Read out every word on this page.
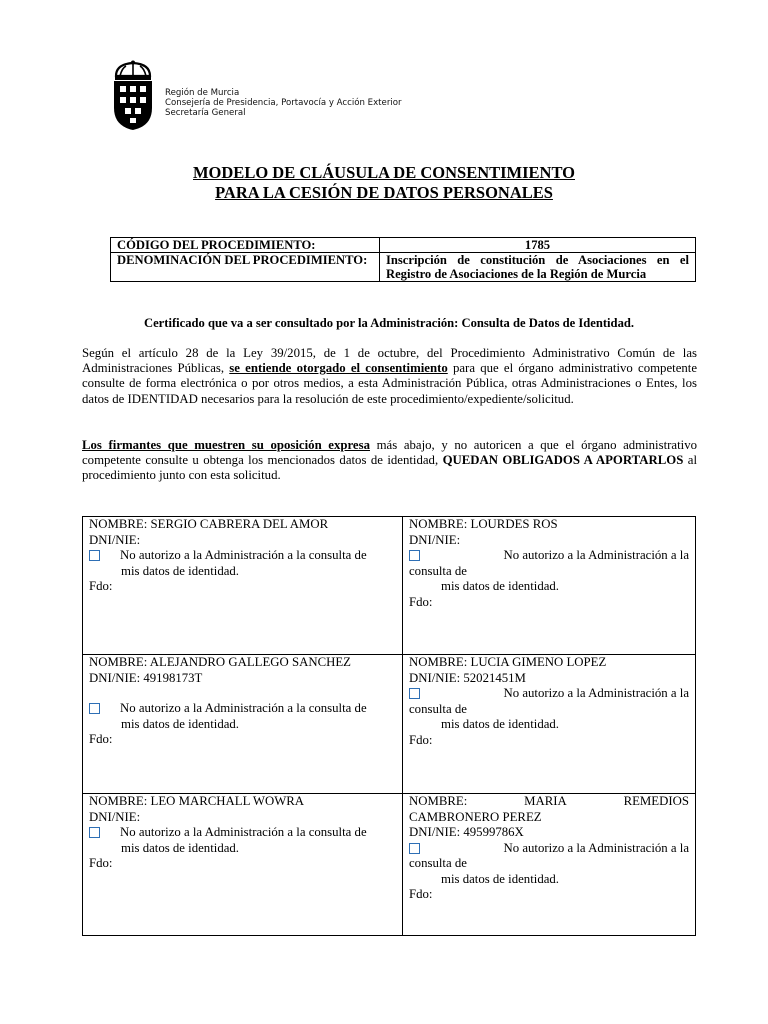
Región de Murcia
Consejería de Presidencia, Portavocía y Acción Exterior
Secretaría General
MODELO DE CLÁUSULA DE CONSENTIMIENTO
PARA LA CESIÓN DE DATOS PERSONALES
CÓDIGO DEL PROCEDIMIENTO:	1785
DENOMINACIÓN DEL PROCEDIMIENTO:	Inscripción de constitución de Asociaciones en el Registro de Asociaciones de la Región de Murcia
Certificado que va a ser consultado por la Administración: Consulta de Datos de Identidad.
Según el artículo 28 de la Ley 39/2015, de 1 de octubre, del Procedimiento Administrativo Común de las Administraciones Públicas, se entiende otorgado el consentimiento para que el órgano administrativo competente consulte de forma electrónica o por otros medios, a esta Administración Pública, otras Administraciones o Entes, los datos de IDENTIDAD necesarios para la resolución de este procedimiento/expediente/solicitud.
Los firmantes que muestren su oposición expresa más abajo, y no autoricen a que el órgano administrativo competente consulte u obtenga los mencionados datos de identidad, QUEDAN OBLIGADOS A APORTARLOS al procedimiento junto con esta solicitud.
NOMBRE: SERGIO CABRERA DEL AMOR
DNI/NIE:
No autorizo a la Administración a la consulta de
mis datos de identidad.
Fdo:
NOMBRE: LOURDES ROS
DNI/NIE:
No autorizo a la Administración a la
consulta de
mis datos de identidad.
Fdo:
NOMBRE: ALEJANDRO GALLEGO SANCHEZ
DNI/NIE: 49198173T
No autorizo a la Administración a la consulta de
mis datos de identidad.
Fdo:
NOMBRE: LUCIA GIMENO LOPEZ
DNI/NIE: 52021451M
No autorizo a la Administración a la
consulta de
mis datos de identidad.
Fdo:
NOMBRE: LEO MARCHALL WOWRA
DNI/NIE:
No autorizo a la Administración a la consulta de
mis datos de identidad.
Fdo:
NOMBRE:	MARIA	REMEDIOS
CAMBRONERO PEREZ
DNI/NIE: 49599786X
No autorizo a la Administración a la
consulta de
mis datos de identidad.
Fdo:
